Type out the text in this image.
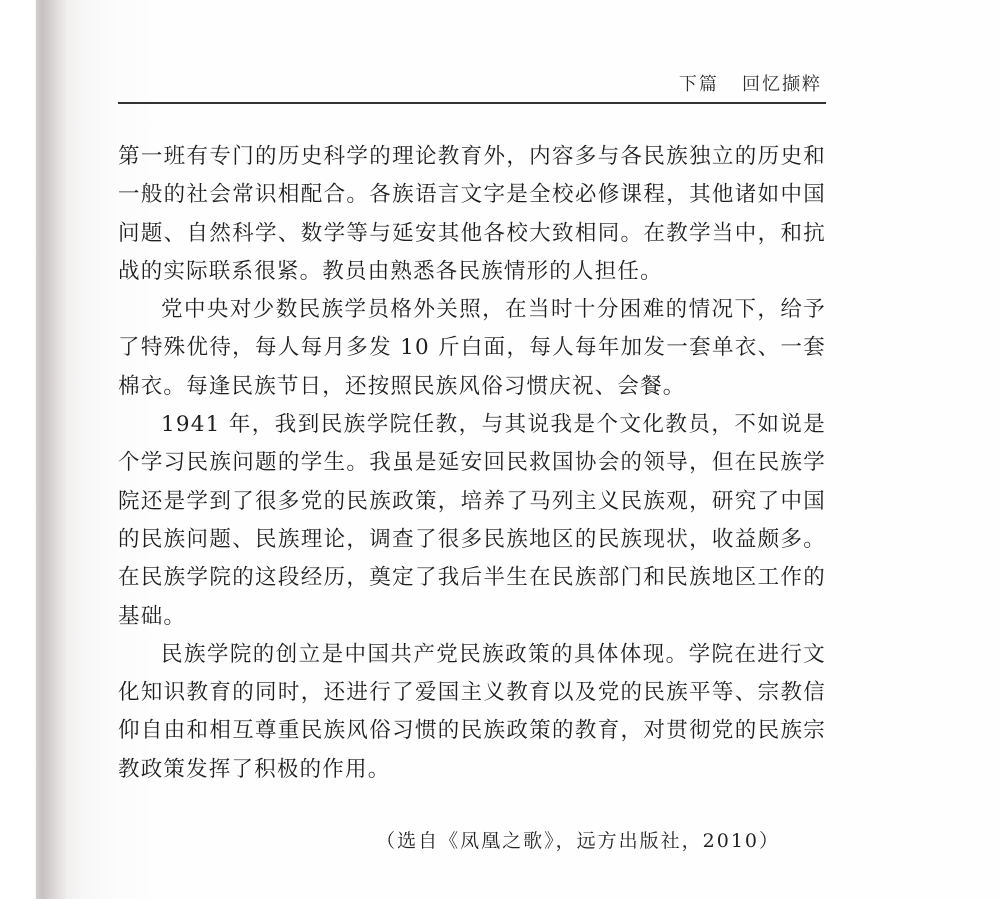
下篇 回忆撷粹

第一班有专门的历史科学的理论教育外，内容多与各民族独立的历史和一般的社会常识相配合。各族语言文字是全校必修课程，其他诸如中国问题、自然科学、数学等与延安其他各校大致相同。在教学当中，和抗战的实际联系很紧。教员由熟悉各民族情形的人担任。

党中央对少数民族学员格外关照，在当时十分困难的情况下，给予了特殊优待，每人每月多发 10 斤白面，每人每年加发一套单衣、一套棉衣。每逢民族节日，还按照民族风俗习惯庆祝、会餐。

1941 年，我到民族学院任教，与其说我是个文化教员，不如说是个学习民族问题的学生。我虽是延安回民救国协会的领导，但在民族学院还是学到了很多党的民族政策，培养了马列主义民族观，研究了中国的民族问题、民族理论，调查了很多民族地区的民族现状，收益颇多。在民族学院的这段经历，奠定了我后半生在民族部门和民族地区工作的基础。

民族学院的创立是中国共产党民族政策的具体体现。学院在进行文化知识教育的同时，还进行了爱国主义教育以及党的民族平等、宗教信仰自由和相互尊重民族风俗习惯的民族政策的教育，对贯彻党的民族宗教政策发挥了积极的作用。

（选自《凤凰之歌》，远方出版社，2010）
